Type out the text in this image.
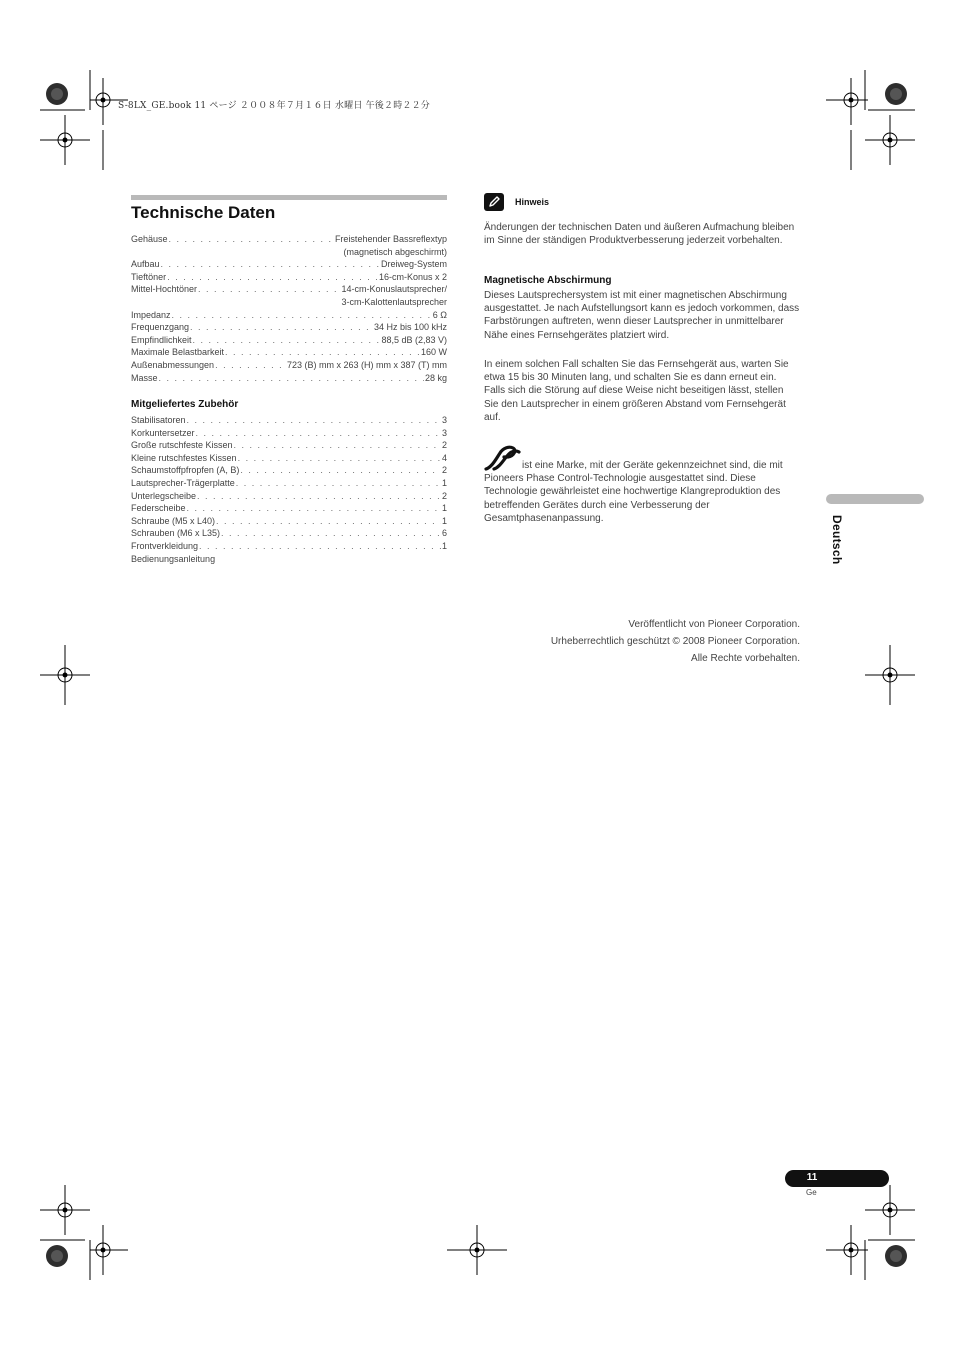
S-8LX_GE.book 11 ページ ２００８年７月１６日 水曜日 午後２時２２分
Technische Daten
Gehäuse . . .	Freistehender Bassreflextyp
(magnetisch abgeschirmt)
Aufbau . . .	Dreiweg-System
Tieftöner . . .	16-cm-Konus x 2
Mittel-Hochtöner . . .	14-cm-Konuslautsprecher/
3-cm-Kalottenlautsprecher
Impedanz . . .	6 Ω
Frequenzgang . . .	34 Hz bis 100 kHz
Empfindlichkeit . . .	88,5 dB (2,83 V)
Maximale Belastbarkeit . . .	160 W
Außenabmessungen . . .	723 (B) mm x 263 (H) mm x 387 (T) mm
Masse . . .	28 kg
Mitgeliefertes Zubehör
Stabilisatoren . . .	3
Korkuntersetzer . . .	3
Große rutschfeste Kissen . . .	2
Kleine rutschfestes Kissen . . .	4
Schaumstoffpfropfen (A, B) . . .	2
Lautsprecher-Trägerplatte . . .	1
Unterlegscheibe . . .	2
Federscheibe . . .	1
Schraube (M5 x L40) . . .	1
Schrauben (M6 x L35) . . .	6
Frontverkleidung . . .	1
Bedienungsanleitung
Hinweis

Änderungen der technischen Daten und äußeren Aufmachung bleiben im Sinne der ständigen Produktverbesserung jederzeit vorbehalten.

Magnetische Abschirmung

Dieses Lautsprechersystem ist mit einer magnetischen Abschirmung ausgestattet. Je nach Aufstellungsort kann es jedoch vorkommen, dass Farbstörungen auftreten, wenn dieser Lautsprecher in unmittelbarer Nähe eines Fernsehgerätes platziert wird.

In einem solchen Fall schalten Sie das Fernsehgerät aus, warten Sie etwa 15 bis 30 Minuten lang, und schalten Sie es dann erneut ein. Falls sich die Störung auf diese Weise nicht beseitigen lässt, stellen Sie den Lautsprecher in einem größeren Abstand vom Fernsehgerät auf.

ist eine Marke, mit der Geräte gekennzeichnet sind, die mit Pioneers Phase Control-Technologie ausgestattet sind. Diese Technologie gewährleistet eine hochwertige Klangreproduktion des betreffenden Gerätes durch eine Verbesserung der Gesamtphasenanpassung.

Veröffentlicht von Pioneer Corporation.
Urheberrechtlich geschützt © 2008 Pioneer Corporation.
Alle Rechte vorbehalten.
Deutsch
11
Ge
